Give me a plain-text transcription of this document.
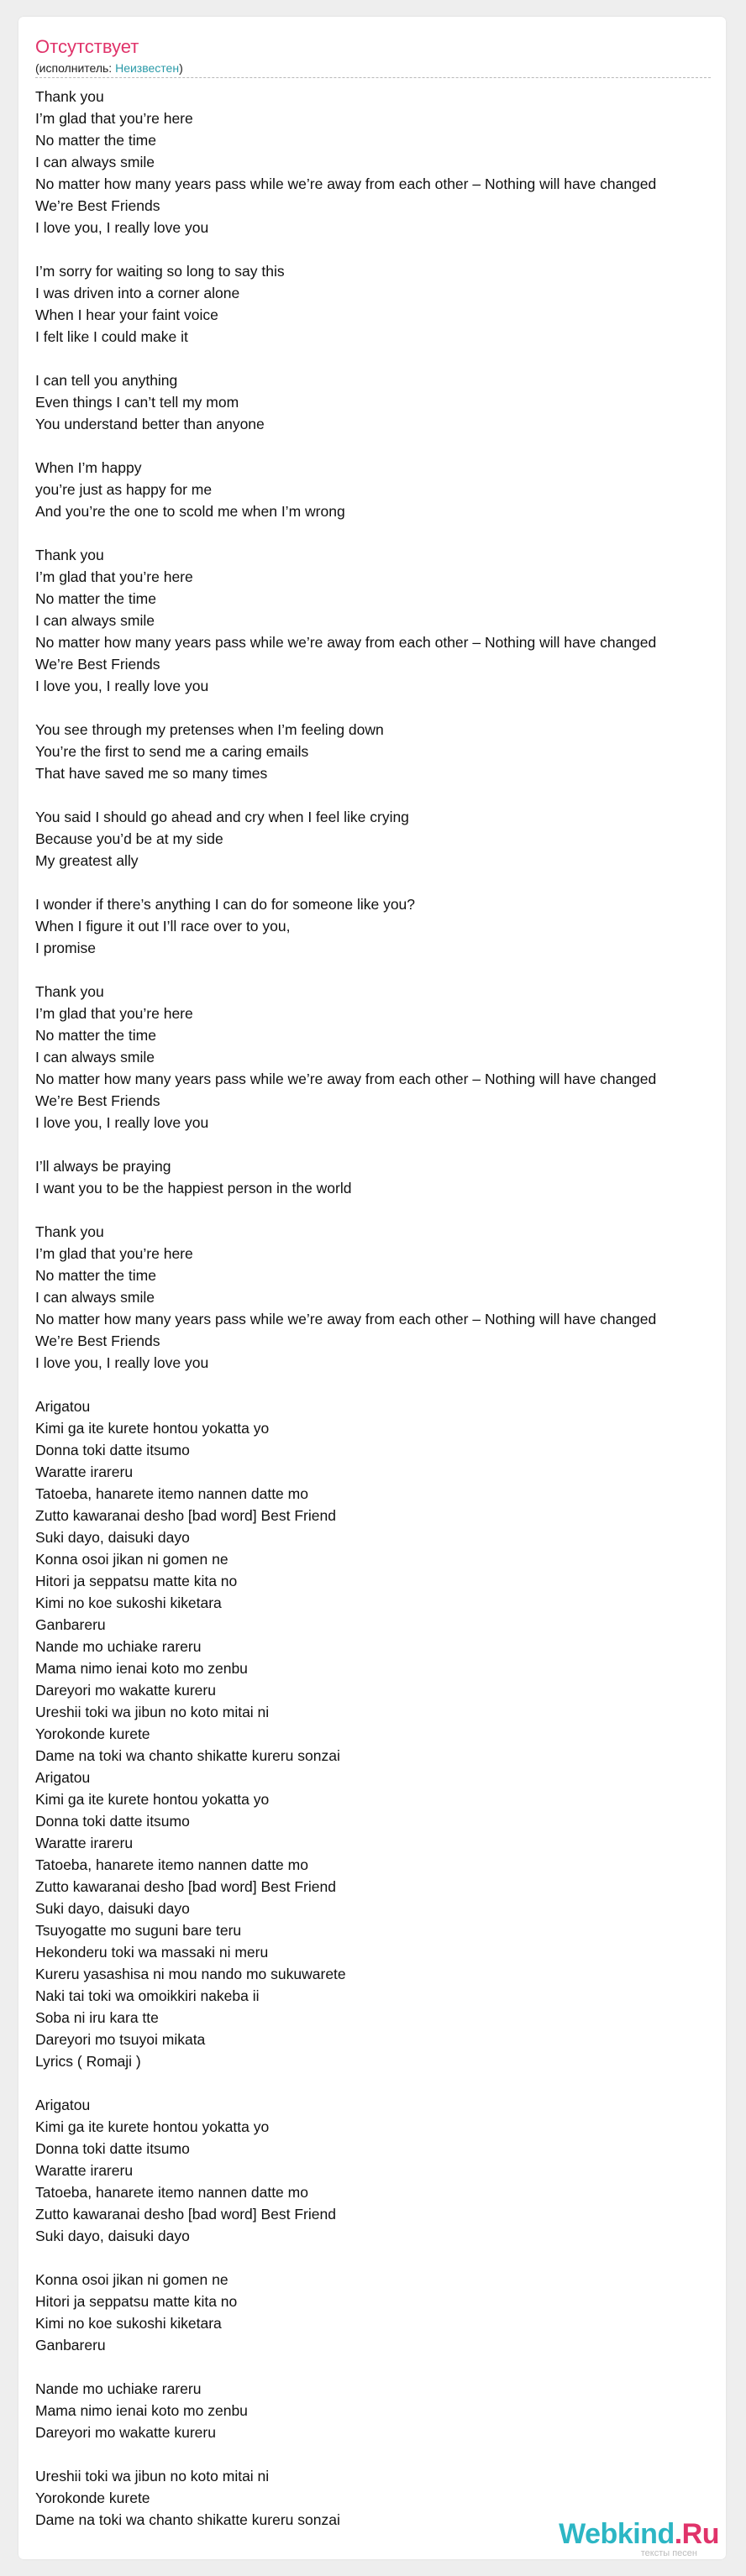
Отсутствует
(исполнитель: Неизвестен)
Thank you
I’m glad that you’re here
No matter the time
I can always smile
No matter how many years pass while we’re away from each other – Nothing will have changed
We’re Best Friends
I love you, I really love you
I’m sorry for waiting so long to say this
I was driven into a corner alone
When I hear your faint voice
I felt like I could make it
I can tell you anything
Even things I can’t tell my mom
You understand better than anyone
When I’m happy
you’re just as happy for me
And you’re the one to scold me when I’m wrong
Thank you
I’m glad that you’re here
No matter the time
I can always smile
No matter how many years pass while we’re away from each other – Nothing will have changed
We’re Best Friends
I love you, I really love you
You see through my pretenses when I’m feeling down
You’re the first to send me a caring emails
That have saved me so many times
You said I should go ahead and cry when I feel like crying
Because you’d be at my side
My greatest ally
I wonder if there’s anything I can do for someone like you?
When I figure it out I’ll race over to you,
I promise
Thank you
I’m glad that you’re here
No matter the time
I can always smile
No matter how many years pass while we’re away from each other – Nothing will have changed
We’re Best Friends
I love you, I really love you
I’ll always be praying
I want you to be the happiest person in the world
Thank you
I’m glad that you’re here
No matter the time
I can always smile
No matter how many years pass while we’re away from each other – Nothing will have changed
We’re Best Friends
I love you, I really love you
Arigatou
Kimi ga ite kurete hontou yokatta yo
Donna toki datte itsumo
Waratte irareru
Tatoeba, hanarete itemo nannen datte mo
Zutto kawaranai desho [bad word] Best Friend
Suki dayo, daisuki dayo
Konna osoi jikan ni gomen ne
Hitori ja seppatsu matte kita no
Kimi no koe sukoshi kiketara
Ganbareru
Nande mo uchiake rareru
Mama nimo ienai koto mo zenbu
Dareyori mo wakatte kureru
Ureshii toki wa jibun no koto mitai ni
Yorokonde kurete
Dame na toki wa chanto shikatte kureru sonzai
Arigatou
Kimi ga ite kurete hontou yokatta yo
Donna toki datte itsumo
Waratte irareru
Tatoeba, hanarete itemo nannen datte mo
Zutto kawaranai desho [bad word] Best Friend
Suki dayo, daisuki dayo
Tsuyogatte mo suguni bare teru
Hekonderu toki wa massaki ni meru
Kureru yasashisa ni mou nando mo sukuwarete
Naki tai toki wa omoikkiri nakeba ii
Soba ni iru kara tte
Dareyori mo tsuyoi mikata
Lyrics ( Romaji )
Arigatou
Kimi ga ite kurete hontou yokatta yo
Donna toki datte itsumo
Waratte irareru
Tatoeba, hanarete itemo nannen datte mo
Zutto kawaranai desho [bad word] Best Friend
Suki dayo, daisuki dayo
Konna osoi jikan ni gomen ne
Hitori ja seppatsu matte kita no
Kimi no koe sukoshi kiketara
Ganbareru
Nande mo uchiake rareru
Mama nimo ienai koto mo zenbu
Dareyori mo wakatte kureru
Ureshii toki wa jibun no koto mitai ni
Yorokonde kurete
Dame na toki wa chanto shikatte kureru sonzai	Webkind.Ru
тексты песен
